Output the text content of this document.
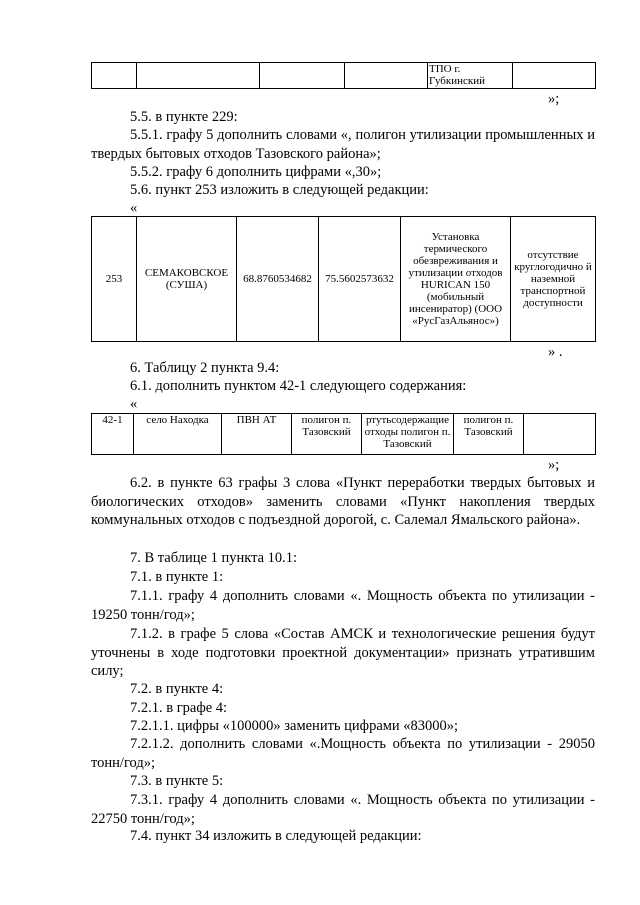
				ТПО г. Губкинский	
»;
5.5. в пункте 229:
5.5.1. графу 5 дополнить словами «, полигон утилизации промышленных и твердых бытовых отходов Тазовского района»;
5.5.2. графу 6 дополнить цифрами «,30»;
5.6. пункт 253 изложить в следующей редакции:
«
253	СЕМАКОВСКОЕ (СУША)	68.8760534682	75.5602573632	Установка термического обезвреживания и утилизации отходов HURICAN 150 (мобильный инсениратор) (ООО «РусГазАльянос»)	отсутствие круглогодично й наземной транспортной доступности
» .
6. Таблицу 2 пункта 9.4:
6.1. дополнить пунктом 42-1 следующего содержания:
«
42-1	село Находка	ПВН АТ	полигон п. Тазовский	ртутьсодержащие отходы полигон п. Тазовский	полигон п. Тазовский	
»;
6.2. в пункте 63 графы 3 слова «Пункт переработки твердых бытовых и биологических отходов» заменить словами «Пункт накопления твердых коммунальных отходов с подъездной дорогой, с. Салемал Ямальского района».
7. В таблице 1 пункта 10.1:
7.1. в пункте 1:
7.1.1. графу 4 дополнить словами «. Мощность объекта по утилизации - 19250 тонн/год»;
7.1.2. в графе 5 слова «Состав АМСК и технологические решения будут уточнены в ходе подготовки проектной документации» признать утратившим силу;
7.2. в пункте 4:
7.2.1. в графе 4:
7.2.1.1. цифры «100000» заменить цифрами «83000»;
7.2.1.2. дополнить словами «.Мощность объекта по утилизации - 29050 тонн/год»;
7.3. в пункте 5:
7.3.1. графу 4 дополнить словами «. Мощность объекта по утилизации - 22750 тонн/год»;
7.4. пункт 34 изложить в следующей редакции:
